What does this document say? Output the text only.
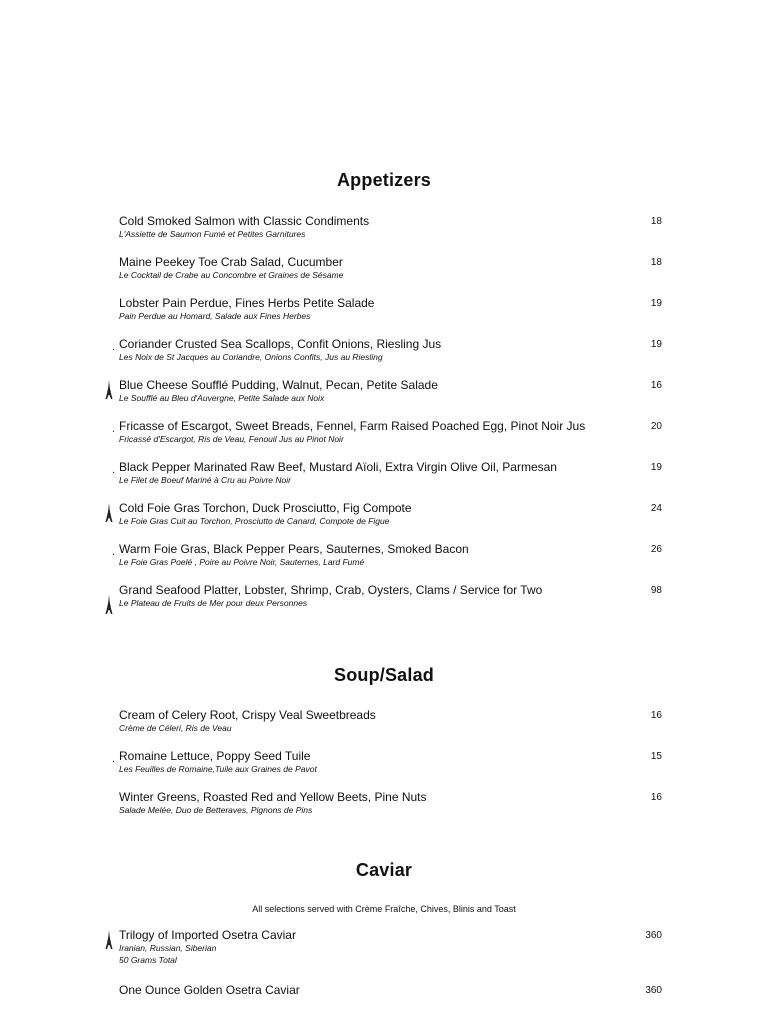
Appetizers
Cold Smoked Salmon with Classic Condiments
L'Assiette de Saumon Fumé et Petites Garnitures
18
Maine Peekey Toe Crab Salad, Cucumber
Le Cocktail de Crabe au Concombre et Graines de Sésame
18
Lobster Pain Perdue, Fines Herbs Petite Salade
Pain Perdue au Homard, Salade aux Fines Herbes
19
. Coriander Crusted Sea Scallops, Confit Onions, Riesling Jus
Les Noix de St Jacques au Coriandre, Onions Confits, Jus au Riesling
19
Blue Cheese Soufflé Pudding, Walnut, Pecan, Petite Salade
Le Soufflé au Bleu d'Auvergne, Petite Salade aux Noix
16
. Fricasse of Escargot, Sweet Breads, Fennel, Farm Raised Poached Egg, Pinot Noir Jus
Fricassé d'Escargot, Ris de Veau, Fenouil Jus au Pinot Noir
20
. Black Pepper Marinated Raw Beef, Mustard Aïoli, Extra Virgin Olive Oil, Parmesan
Le Filet de Boeuf Mariné à Cru au Poivre Noir
19
Cold Foie Gras Torchon, Duck Prosciutto, Fig Compote
Le Foie Gras Cuit au Torchon, Prosciutto de Canard, Compote de Figue
24
. Warm Foie Gras, Black Pepper Pears, Sauternes, Smoked Bacon
Le Foie Gras Poelé , Poire au Poivre Noir, Sauternes, Lard Fumé
26
Grand Seafood Platter, Lobster, Shrimp, Crab, Oysters, Clams / Service for Two
Le Plateau de Fruits de Mer pour deux Personnes
98
Soup/Salad
Cream of Celery Root, Crispy Veal Sweetbreads
Crème de Céleri, Ris de Veau
16
. Romaine Lettuce, Poppy Seed Tuile
Les Feuilles de Romaine,Tuile aux Graines de Pavot
15
Winter Greens, Roasted Red and Yellow Beets, Pine Nuts
Salade Melée, Duo de Betteraves, Pignons de Pins
16
Caviar
All selections served with Crème Fraîche, Chives, Blinis and Toast
Trilogy of Imported Osetra Caviar
Iranian, Russian, Siberian
50 Grams Total
360
One Ounce Golden Osetra Caviar	360
